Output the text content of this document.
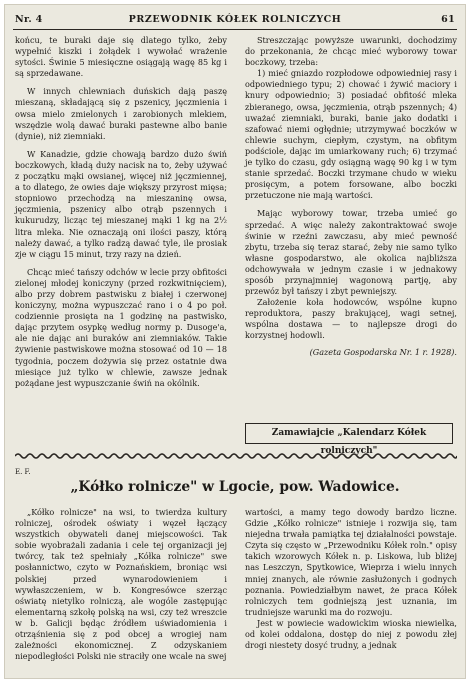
Nr. 4	PRZEWODNIK KÓŁEK ROLNICZYCH	61

końcu, te buraki daje się dlatego tylko, żeby wypełnić kiszki i żołądek i wywołać wrażenie sytości. Świnie 5 miesięczne osiągają wagę 85 kg i są sprzedawane.

W innych chlewniach duńskich dają paszę mieszaną, składającą się z pszenicy, jęczmienia i owsa mielo zmielonych i zarobionych mlekiem, wszędzie wolą dawać buraki pastewne albo banie (dynie), niż ziemniaki.

W Kanadzie, gdzie chowają bardzo dużo świń boczkowych, kładą duży nacisk na to, żeby używać z początku mąki owsianej, więcej niż jęczmiennej, a to dlatego, że owies daje większy przyrost mięsa; stopniowo przechodzą na mieszaninę owsa, jęczmienia, pszenicy albo otrąb pszennych i kukurudzy, licząc tej mieszanej mąki 1 kg na 2½ litra mleka. Nie oznaczają oni ilości paszy, którą należy dawać, a tylko radzą dawać tyle, ile prosiak zje w ciągu 15 minut, trzy razy na dzień.

Chcąc mieć tańszy odchów w lecie przy obfitości zielonej młodej koniczyny (przed rozkwitnięciem), albo przy dobrem pastwisku z białej i czerwonej koniczyny, można wypuszczać rano i o 4 po poł. codziennie prosięta na 1 godzinę na pastwisko, dając przytem osypkę według normy p. Dusoge'a, ale nie dając ani buraków ani ziemniaków. Takie żywienie pastwiskowe można stosować od 10 — 18 tygodnia, poczem dożywia się przez ostatnie dwa miesiące już tylko w chlewie, zawsze jednak pożądane jest wypuszczanie świń na okólnik.

Streszczając powyższe uwarunki, dochodzimy do przekonania, że chcąc mieć wyborowy towar boczkowy, trzeba:

1) mieć gniazdo rozpłodowe odpowiedniej rasy i odpowiedniego typu; 2) chować i żywić maciory i knury odpowiednio; 3) posiadać obfitość mleka zbieranego, owsa, jęczmienia, otrąb pszennych; 4) uważać ziemniaki, buraki, banie jako dodatki i szafować niemi ogłędnie; utrzymywać boczków w chlewie suchym, ciepłym, czystym, na obfitym podściole, dając im umiarkowany ruch; 6) trzymać je tylko do czasu, gdy osiągną wagę 90 kg i w tym stanie sprzedać. Boczki trzymane chudo w wieku prosięcym, a potem forsowane, albo boczki przetuczone nie mają wartości.

Mając wyborowy towar, trzeba umieć go sprzedać. A więc należy zakontraktować swoje świnie w rzeźni zawczasu, aby mieć pewność zbytu, trzeba się teraz starać, żeby nie samo tylko własne gospodarstwo, ale okolica najbliższa odchowywała w jednym czasie i w jednakowy sposób przynajmniej wagonową partję, aby przewóz był tańszy i zbyt pewniejszy.

Założenie koła hodowców, wspólne kupno reproduktora, paszy brakującej, wagi setnej, wspólna dostawa — to najlepsze drogi do korzystnej hodowli.

(Gazeta Gospodarska Nr. 1 r. 1928).
Zamawiajcie „Kalendarz Kółek rolniczych"
E. F.
„Kółko rolnicze" w Lgocie, pow. Wadowice.

„Kółko rolnicze" na wsi, to twierdza kultury rolniczej, ośrodek oświaty i węzeł łączący wszystkich obywateli danej miejscowości. Tak sobie wyobrażali zadania i cele tej organizacji jej twórcy, tak też spełniały „Kółka rolnicze" swe posłannictwo, czyto w Poznańskiem, broniąc wsi polskiej przed wynarodowieniem i wywłaszczeniem, w b. Kongresówce szerząc oświatę nietylko rolniczą, ale wogóle zastępując elementarną szkołę polską na wsi, czy też wreszcie w b. Galicji będąc źródłem uświadomienia i otrząśnienia się z pod obcej a wrogiej nam zależności ekonomicznej. Z odzyskaniem niepodległości Polski nie straciły one wcale na swej

wartości, a mamy tego dowody bardzo liczne. Gdzie „Kółko rolnicze" istnieje i rozwija się, tam niejedna trwała pamiątka tej działalności powstaje. Czyta się często w „Przewodniku Kółek roln." opisy takich wzorowych Kółek n. p. Liskowa, lub bliżej nas Leszczyn, Spytkowice, Wieprza i wielu innych mniej znanych, ale równie zasłużonych i godnych poznania. Powiedziałbym nawet, że praca Kółek rolniczych tem godniejszą jest uznania, im trudniejsze warunki ma do rozwoju.

Jest w powiecie wadowickim wioska niewielka, od kolei oddalona, dostęp do niej z powodu złej drogi niestety dosyć trudny, a jednak
